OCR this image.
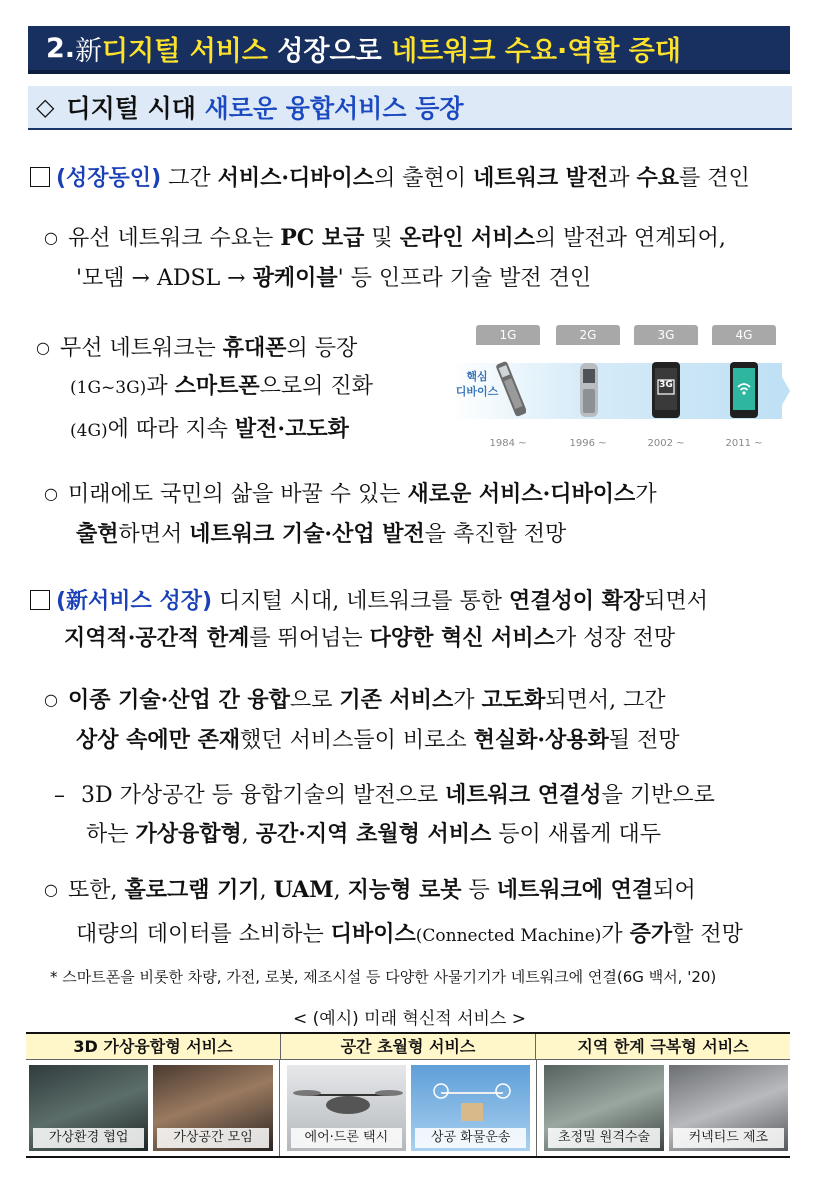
2. 新 디지털 서비스 성장으로 네트워크 수요·역할 증대
◇ 디지털 시대 새로운 융합서비스 등장
(성장동인) 그간 서비스·디바이스의 출현이 네트워크 발전과 수요를 견인
○ 유선 네트워크 수요는 PC 보급 및 온라인 서비스의 발전과 연계되어,
'모뎀 → ADSL → 광케이블' 등 인프라 기술 발전 견인
○ 무선 네트워크는 휴대폰의 등장
(1G~3G)과 스마트폰으로의 진화
(4G)에 따라 지속 발전·고도화
핵심
디바이스
1G
1984 ~
2G
1996 ~
3G
3G
2002 ~
4G
2011 ~
○ 미래에도 국민의 삶을 바꿀 수 있는 새로운 서비스·디바이스가
출현하면서 네트워크 기술·산업 발전을 촉진할 전망
(新서비스 성장) 디지털 시대, 네트워크를 통한 연결성이 확장되면서
지역적·공간적 한계를 뛰어넘는 다양한 혁신 서비스가 성장 전망
○ 이종 기술·산업 간 융합으로 기존 서비스가 고도화되면서, 그간
상상 속에만 존재했던 서비스들이 비로소 현실화·상용화될 전망
– 3D 가상공간 등 융합기술의 발전으로 네트워크 연결성을 기반으로
하는 가상융합형, 공간·지역 초월형 서비스 등이 새롭게 대두
○ 또한, 홀로그램 기기, UAM, 지능형 로봇 등 네트워크에 연결되어
대량의 데이터를 소비하는 디바이스(Connected Machine)가 증가할 전망
* 스마트폰을 비롯한 차량, 가전, 로봇, 제조시설 등 다양한 사물기기가 네트워크에 연결(6G 백서, '20)
< (예시) 미래 혁신적 서비스 >
3D 가상융합형 서비스	공간 초월형 서비스	지역 한계 극복형 서비스
가상환경 협업	가상공간 모임	에어·드론 택시	상공 화물운송	초정밀 원격수술	커넥티드 제조
